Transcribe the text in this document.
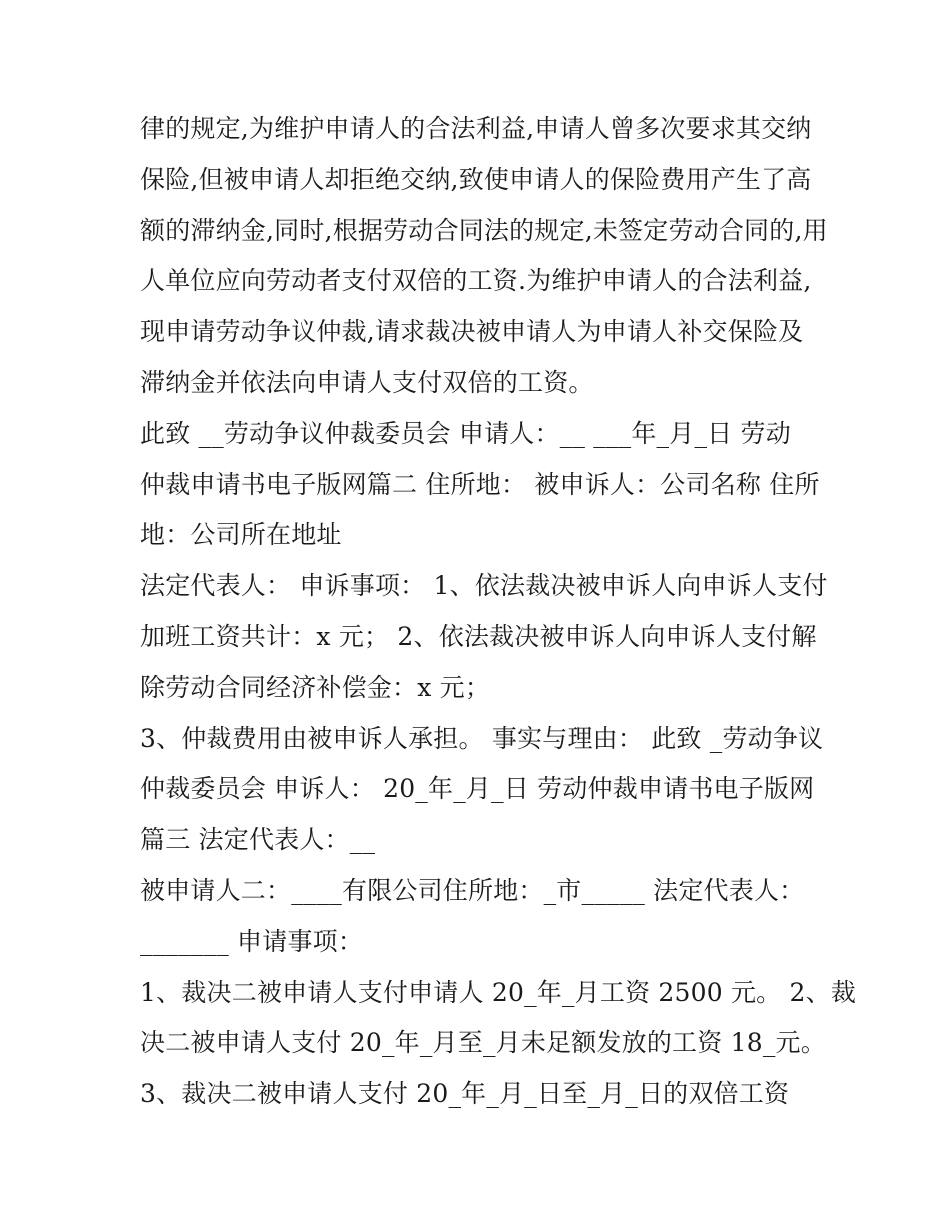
律的规定,为维护申请人的合法利益,申请人曾多次要求其交纳
保险,但被申请人却拒绝交纳,致使申请人的保险费用产生了高
额的滞纳金,同时,根据劳动合同法的规定,未签定劳动合同的,用
人单位应向劳动者支付双倍的工资.为维护申请人的合法利益,
现申请劳动争议仲裁,请求裁决被申请人为申请人补交保险及
滞纳金并依法向申请人支付双倍的工资。
此致 __劳动争议仲裁委员会 申请人：__ ___年_月_日 劳动
仲裁申请书电子版网篇二 住所地： 被申诉人：公司名称 住所
地：公司所在地址
法定代表人： 申诉事项： 1、依法裁决被申诉人向申诉人支付
加班工资共计：x 元； 2、依法裁决被申诉人向申诉人支付解
除劳动合同经济补偿金：x 元；
3、仲裁费用由被申诉人承担。 事实与理由： 此致 _劳动争议
仲裁委员会 申诉人： 20_年_月_日 劳动仲裁申请书电子版网
篇三 法定代表人：__
被申请人二：____有限公司住所地：_市_____ 法定代表人：
_______ 申请事项：
1、裁决二被申请人支付申请人 20_年_月工资 2500 元。 2、裁
决二被申请人支付 20_年_月至_月未足额发放的工资 18_元。
3、裁决二被申请人支付 20_年_月_日至_月_日的双倍工资
